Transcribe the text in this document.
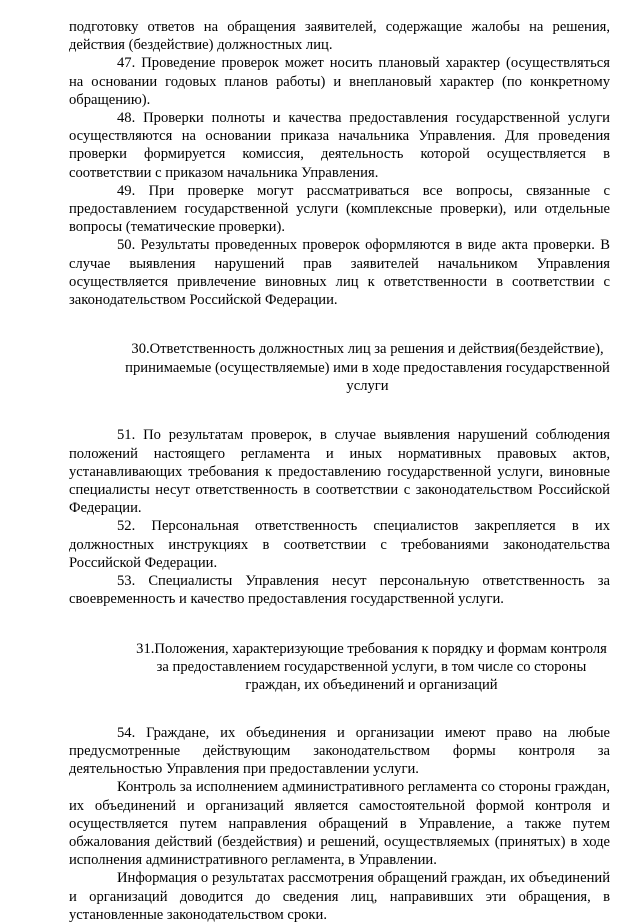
подготовку ответов на обращения заявителей, содержащие жалобы на решения, действия (бездействие) должностных лиц.

47. Проведение проверок может носить плановый характер (осуществляться на основании годовых планов работы) и внеплановый характер (по конкретному обращению).

48. Проверки полноты и качества предоставления государственной услуги осуществляются на основании приказа начальника Управления. Для проведения проверки формируется комиссия, деятельность которой осуществляется в соответствии с приказом начальника Управления.

49. При проверке могут рассматриваться все вопросы, связанные с предоставлением государственной услуги (комплексные проверки), или отдельные вопросы (тематические проверки).

50. Результаты проведенных проверок оформляются в виде акта проверки. В случае выявления нарушений прав заявителей начальником Управления осуществляется привлечение виновных лиц к ответственности в соответствии с законодательством Российской Федерации.

30.Ответственность должностных лиц за решения и действия(бездействие), принимаемые (осуществляемые) ими в ходе предоставления государственной услуги

51. По результатам проверок, в случае выявления нарушений соблюдения положений настоящего регламента и иных нормативных правовых актов, устанавливающих требования к предоставлению государственной услуги, виновные специалисты несут ответственность в соответствии с законодательством Российской Федерации.

52. Персональная ответственность специалистов закрепляется в их должностных инструкциях в соответствии с требованиями законодательства Российской Федерации.

53. Специалисты Управления несут персональную ответственность за своевременность и качество предоставления государственной услуги.

31.Положения, характеризующие требования к порядку и формам контроля за предоставлением государственной услуги, в том числе со стороны граждан, их объединений и организаций

54. Граждане, их объединения и организации имеют право на любые предусмотренные действующим законодательством формы контроля за деятельностью Управления при предоставлении услуги.

Контроль за исполнением административного регламента со стороны граждан, их объединений и организаций является самостоятельной формой контроля и осуществляется путем направления обращений в Управление, а также путем обжалования действий (бездействия) и решений, осуществляемых (принятых) в ходе исполнения административного регламента, в Управлении.

Информация о результатах рассмотрения обращений граждан, их объединений и организаций доводится до сведения лиц, направивших эти обращения, в установленные законодательством сроки.
